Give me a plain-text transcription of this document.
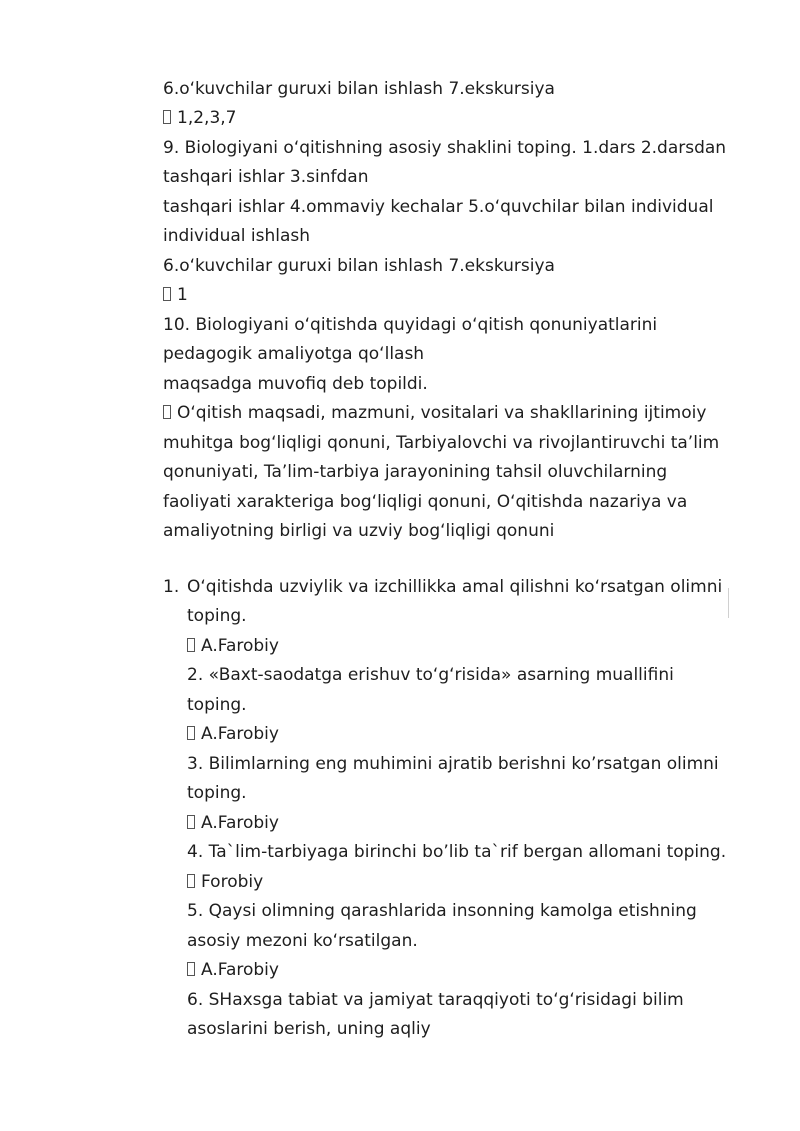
6.o‘kuvchilar guruxi bilan ishlash 7.ekskursiya
1,2,3,7
9. Biologiyani o‘qitishning asosiy shaklini toping. 1.dars 2.darsdan
tashqari ishlar 3.sinfdan
tashqari ishlar 4.ommaviy kechalar 5.o‘quvchilar bilan individual
individual ishlash
6.o‘kuvchilar guruxi bilan ishlash 7.ekskursiya
1
10. Biologiyani o‘qitishda quyidagi o‘qitish qonuniyatlarini
pedagogik amaliyotga qo‘llash
maqsadga muvofiq deb topildi.
O‘qitish maqsadi, mazmuni, vositalari va shakllarining ijtimoiy
muhitga bog‘liqligi qonuni, Tarbiyalovchi va rivojlantiruvchi ta’lim
qonuniyati, Ta’lim-tarbiya jarayonining tahsil oluvchilarning
faoliyati xarakteriga bog‘liqligi qonuni, O‘qitishda nazariya va
amaliyotning birligi va uzviy bog‘liqligi qonuni
1. O‘qitishda uzviylik va izchillikka amal qilishni ko‘rsatgan olimni
toping.
A.Farobiy
2. «Baxt-saodatga erishuv to‘g‘risida» asarning muallifini
toping.
A.Farobiy
3. Bilimlarning eng muhimini ajratib berishni ko’rsatgan olimni
toping.
A.Farobiy
4. Ta`lim-tarbiyaga birinchi bo’lib ta`rif bergan allomani toping.
Forobiy
5. Qaysi olimning qarashlarida insonning kamolga etishning
asosiy mezoni ko‘rsatilgan.
A.Farobiy
6. SHaxsga tabiat va jamiyat taraqqiyoti to‘g‘risidagi bilim
asoslarini berish, uning aqliy
